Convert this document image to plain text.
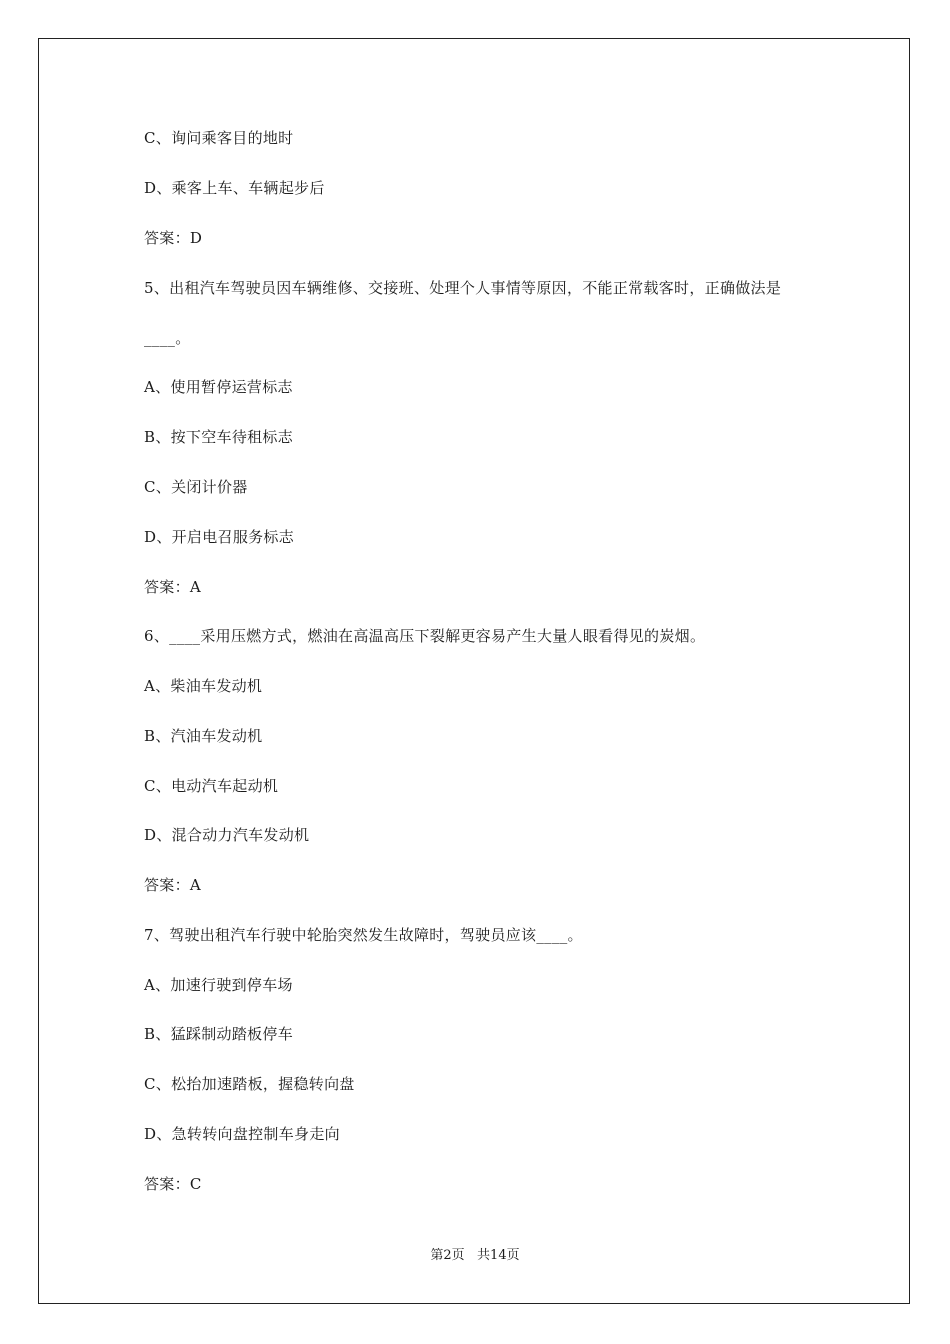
C、询问乘客目的地时
D、乘客上车、车辆起步后
答案：D
5、出租汽车驾驶员因车辆维修、交接班、处理个人事情等原因，不能正常载客时，正确做法是
____。
A、使用暂停运营标志
B、按下空车待租标志
C、关闭计价器
D、开启电召服务标志
答案：A
6、____采用压燃方式，燃油在高温高压下裂解更容易产生大量人眼看得见的炭烟。
A、柴油车发动机
B、汽油车发动机
C、电动汽车起动机
D、混合动力汽车发动机
答案：A
7、驾驶出租汽车行驶中轮胎突然发生故障时，驾驶员应该____。
A、加速行驶到停车场
B、猛踩制动踏板停车
C、松抬加速踏板，握稳转向盘
D、急转转向盘控制车身走向
答案：C
第2页   共14页
